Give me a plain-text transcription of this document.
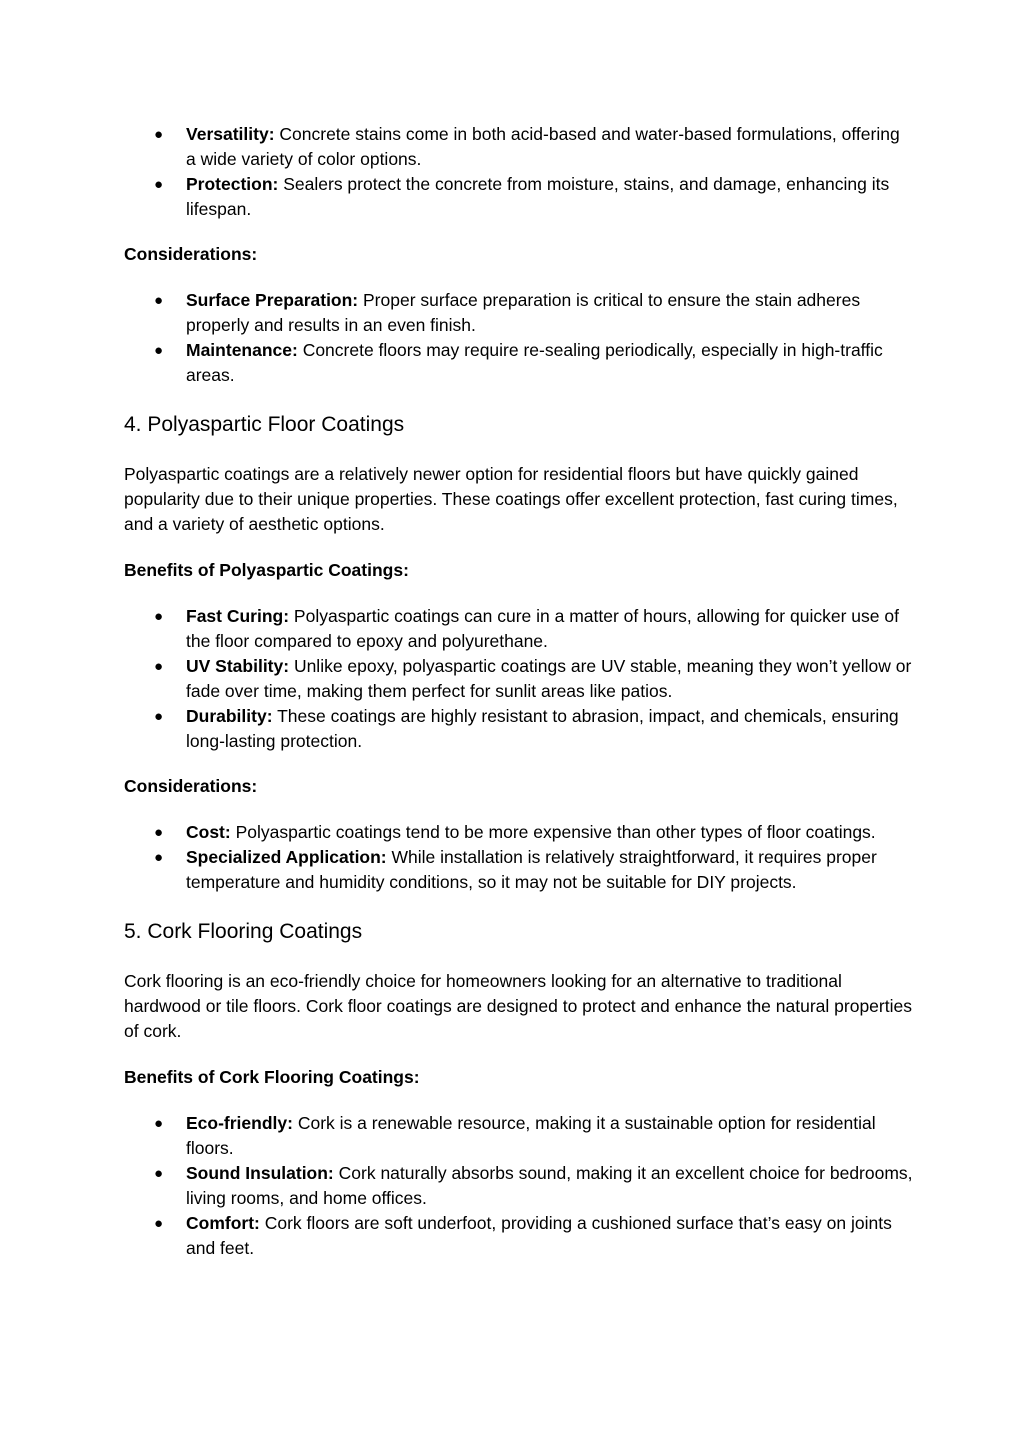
● Versatility: Concrete stains come in both acid-based and water-based formulations, offering a wide variety of color options.
● Protection: Sealers protect the concrete from moisture, stains, and damage, enhancing its lifespan.

Considerations:

● Surface Preparation: Proper surface preparation is critical to ensure the stain adheres properly and results in an even finish.
● Maintenance: Concrete floors may require re-sealing periodically, especially in high-traffic areas.
4. Polyaspartic Floor Coatings

Polyaspartic coatings are a relatively newer option for residential floors but have quickly gained popularity due to their unique properties. These coatings offer excellent protection, fast curing times, and a variety of aesthetic options.

Benefits of Polyaspartic Coatings:

● Fast Curing: Polyaspartic coatings can cure in a matter of hours, allowing for quicker use of the floor compared to epoxy and polyurethane.
● UV Stability: Unlike epoxy, polyaspartic coatings are UV stable, meaning they won’t yellow or fade over time, making them perfect for sunlit areas like patios.
● Durability: These coatings are highly resistant to abrasion, impact, and chemicals, ensuring long-lasting protection.

Considerations:

● Cost: Polyaspartic coatings tend to be more expensive than other types of floor coatings.
● Specialized Application: While installation is relatively straightforward, it requires proper temperature and humidity conditions, so it may not be suitable for DIY projects.
5. Cork Flooring Coatings

Cork flooring is an eco-friendly choice for homeowners looking for an alternative to traditional hardwood or tile floors. Cork floor coatings are designed to protect and enhance the natural properties of cork.

Benefits of Cork Flooring Coatings:

● Eco-friendly: Cork is a renewable resource, making it a sustainable option for residential floors.
● Sound Insulation: Cork naturally absorbs sound, making it an excellent choice for bedrooms, living rooms, and home offices.
● Comfort: Cork floors are soft underfoot, providing a cushioned surface that’s easy on joints and feet.
